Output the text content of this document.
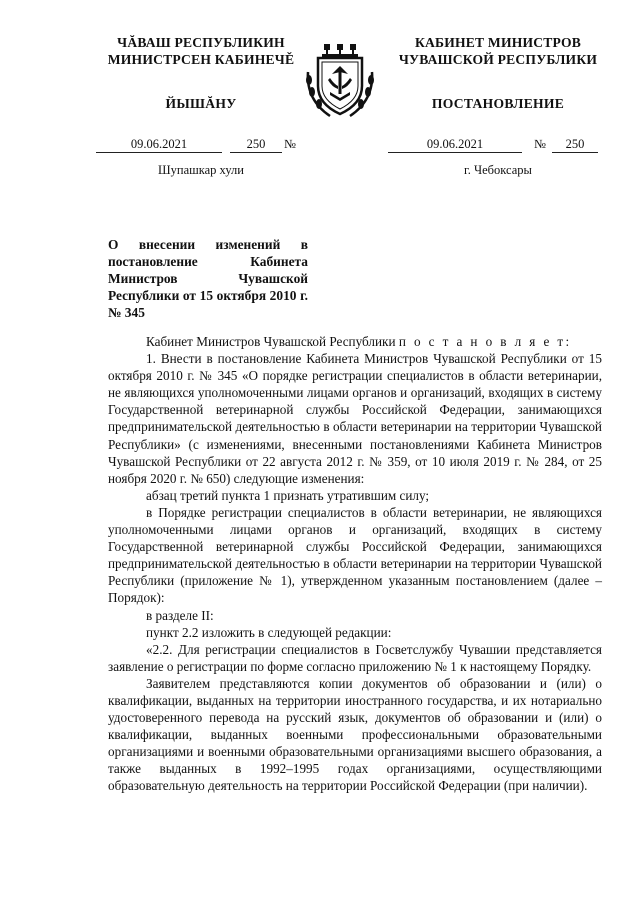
ЧĂВАШ РЕСПУБЛИКИН
МИНИСТРСЕН КАБИНЕЧĚ
ЙЫШĂНУ
КАБИНЕТ МИНИСТРОВ
ЧУВАШСКОЙ РЕСПУБЛИКИ
ПОСТАНОВЛЕНИЕ
09.06.2021	250	№	09.06.2021	№	250
Шупашкар хули	г. Чебоксары
О внесении изменений в постановление Кабинета Министров Чувашской Республики от 15 октября 2010 г. № 345

Кабинет Министров Чувашской Республики п о с т а н о в л я е т:

1. Внести в постановление Кабинета Министров Чувашской Республики от 15 октября 2010 г. № 345 «О порядке регистрации специалистов в области ветеринарии, не являющихся уполномоченными лицами органов и организаций, входящих в систему Государственной ветеринарной службы Российской Федерации, занимающихся предпринимательской деятельностью в области ветеринарии на территории Чувашской Республики» (с изменениями, внесенными постановлениями Кабинета Министров Чувашской Республики от 22 августа 2012 г. № 359, от 10 июля 2019 г. № 284, от 25 ноября 2020 г. № 650) следующие изменения:

абзац третий пункта 1 признать утратившим силу;

в Порядке регистрации специалистов в области ветеринарии, не являющихся уполномоченными лицами органов и организаций, входящих в систему Государственной ветеринарной службы Российской Федерации, занимающихся предпринимательской деятельностью в области ветеринарии на территории Чувашской Республики (приложение № 1), утвержденном указанным постановлением (далее – Порядок):

в разделе II:

пункт 2.2 изложить в следующей редакции:

«2.2. Для регистрации специалистов в Госветслужбу Чувашии представляется заявление о регистрации по форме согласно приложению № 1 к настоящему Порядку.

Заявителем представляются копии документов об образовании и (или) о квалификации, выданных на территории иностранного государства, и их нотариально удостоверенного перевода на русский язык, документов об образовании и (или) о квалификации, выданных военными профессиональными образовательными организациями и военными образовательными организациями высшего образования, а также выданных в 1992–1995 годах организациями, осуществляющими образовательную деятельность на территории Российской Федерации (при наличии).
